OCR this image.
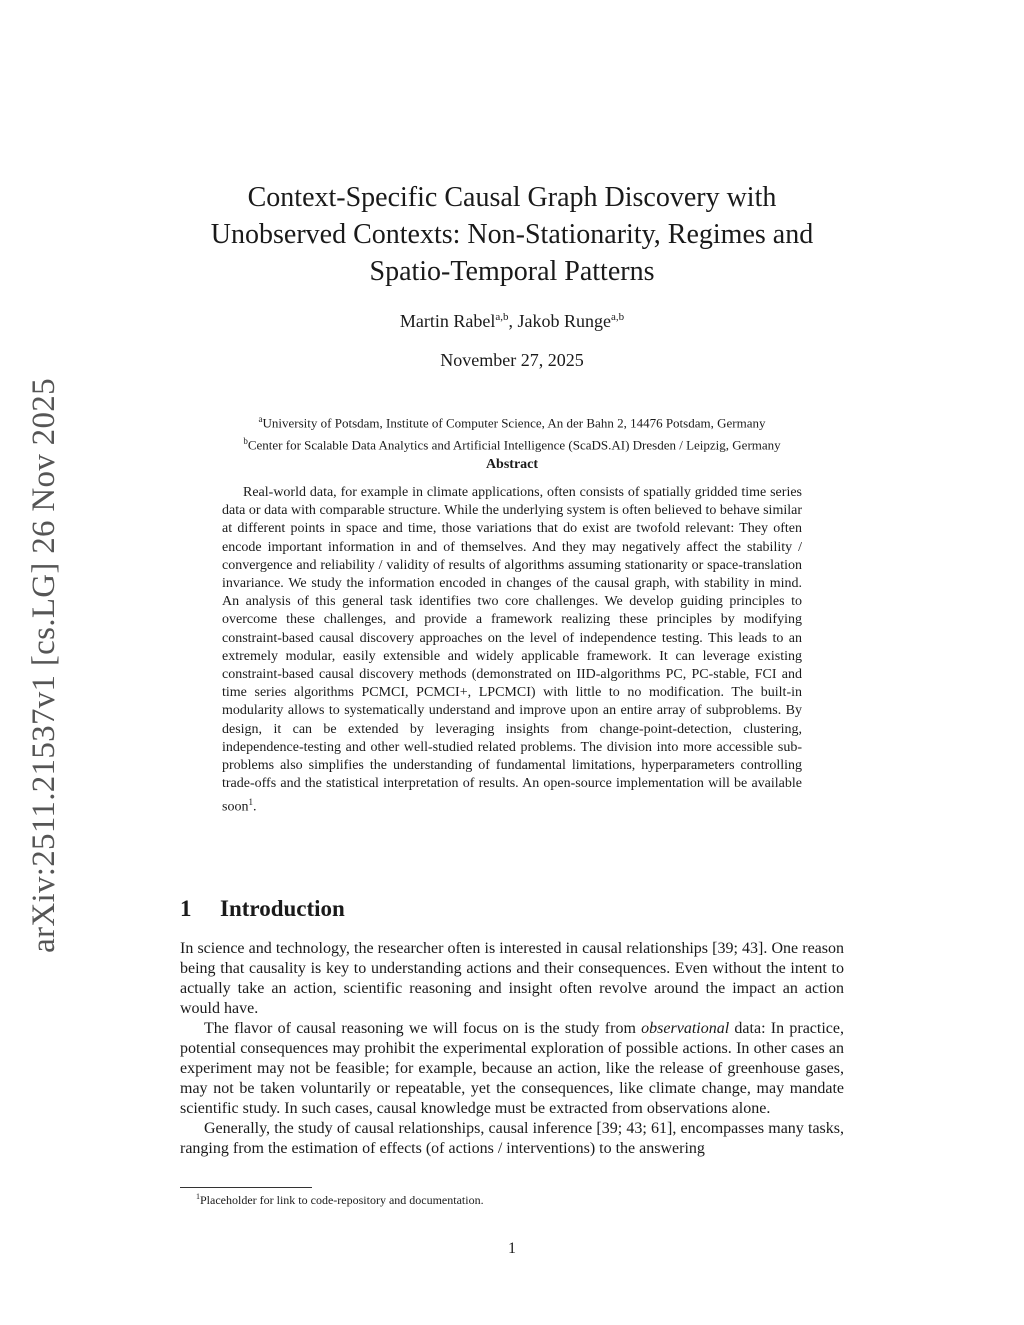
arXiv:2511.21537v1 [cs.LG] 26 Nov 2025
Context-Specific Causal Graph Discovery with
Unobserved Contexts: Non-Stationarity, Regimes and
Spatio-Temporal Patterns
Martin Rabel$^{a,b}$, Jakob Runge$^{a,b}$
November 27, 2025
$^a$University of Potsdam, Institute of Computer Science, An der Bahn 2, 14476 Potsdam, Germany
$^b$Center for Scalable Data Analytics and Artificial Intelligence (ScaDS.AI) Dresden / Leipzig, Germany
Abstract

Real-world data, for example in climate applications, often consists of spatially gridded time series data or data with comparable structure. While the underlying system is often believed to behave similar at different points in space and time, those variations that do exist are twofold relevant: They often encode important information in and of themselves. And they may negatively affect the stability / convergence and reliability / validity of results of algorithms assuming stationarity or space-translation invariance. We study the information encoded in changes of the causal graph, with stability in mind. An analysis of this general task identifies two core challenges. We develop guiding principles to overcome these challenges, and provide a framework realizing these principles by modifying constraint-based causal discovery approaches on the level of independence testing. This leads to an extremely modular, easily extensible and widely applicable framework. It can leverage existing constraint-based causal discovery methods (demonstrated on IID-algorithms PC, PC-stable, FCI and time series algorithms PCMCI, PCMCI+, LPCMCI) with little to no modification. The built-in modularity allows to systematically understand and improve upon an entire array of subproblems. By design, it can be extended by leveraging insights from change-point-detection, clustering, independence-testing and other well-studied related problems. The division into more accessible sub-problems also simplifies the understanding of fundamental limitations, hyperparameters controlling trade-offs and the statistical interpretation of results. An open-source implementation will be available soon$^1$.

1 Introduction

In science and technology, the researcher often is interested in causal relationships [39; 43]. One reason being that causality is key to understanding actions and their consequences. Even without the intent to actually take an action, scientific reasoning and insight often revolve around the impact an action would have.

The flavor of causal reasoning we will focus on is the study from observational data: In practice, potential consequences may prohibit the experimental exploration of possible actions. In other cases an experiment may not be feasible; for example, because an action, like the release of greenhouse gases, may not be taken voluntarily or repeatable, yet the consequences, like climate change, may mandate scientific study. In such cases, causal knowledge must be extracted from observations alone.

Generally, the study of causal relationships, causal inference [39; 43; 61], encompasses many tasks, ranging from the estimation of effects (of actions / interventions) to the answering

$^1$Placeholder for link to code-repository and documentation.
1
